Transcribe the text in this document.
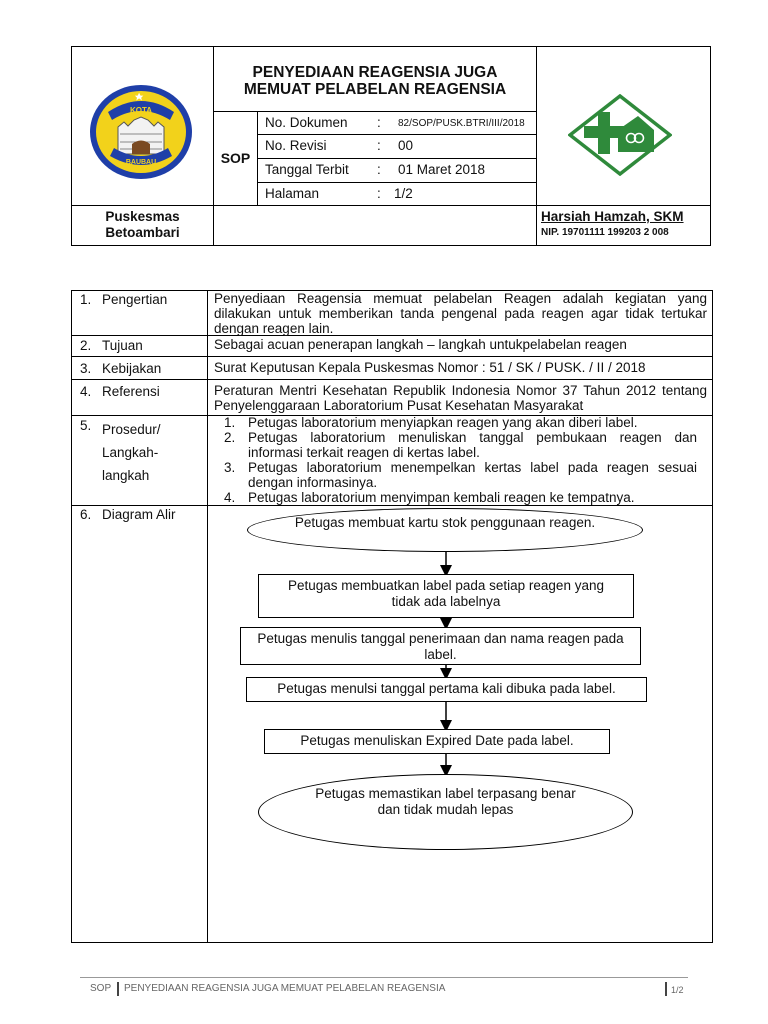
KOTA
BAUBAU
PENYEDIAAN REAGENSIA JUGA
MEMUAT PELABELAN REAGENSIA
SOP
No. Dokumen : 82/SOP/PUSK.BTRI/III/2018
No. Revisi	: 00
Tanggal Terbit : 01 Maret 2018
Halaman	: 1/2
Puskesmas
Betoambari
Harsiah Hamzah, SKM
NIP. 19701111 199203 2 008
1. Pengertian	Penyediaan Reagensia memuat pelabelan Reagen adalah kegiatan yang dilakukan untuk memberikan tanda pengenal pada reagen agar tidak tertukar dengan reagen lain.
2. Tujuan	Sebagai acuan penerapan langkah – langkah untukpelabelan reagen
3. Kebijakan	Surat Keputusan Kepala Puskesmas Nomor : 51 / SK / PUSK. / II / 2018
4. Referensi	Peraturan Mentri Kesehatan Republik Indonesia Nomor 37 Tahun 2012 tentang Penyelenggaraan Laboratorium Pusat Kesehatan Masyarakat
5. Prosedur/
Langkah-
langkah
1. Petugas laboratorium menyiapkan reagen yang akan diberi label.
2. Petugas laboratorium menuliskan tanggal pembukaan reagen dan informasi terkait reagen di kertas label.
3. Petugas laboratorium menempelkan kertas label pada reagen sesuai dengan informasinya.
4. Petugas laboratorium menyimpan kembali reagen ke tempatnya.
6. Diagram Alir
Petugas membuat kartu stok penggunaan reagen.
Petugas membuatkan label pada setiap reagen yang tidak ada labelnya
Petugas menulis tanggal penerimaan dan nama reagen pada label.
Petugas menulsi tanggal pertama kali dibuka pada label.
Petugas menuliskan Expired Date pada label.
Petugas memastikan label terpasang benar dan tidak mudah lepas
SOP PENYEDIAAN REAGENSIA JUGA MEMUAT PELABELAN REAGENSIA	1/2
